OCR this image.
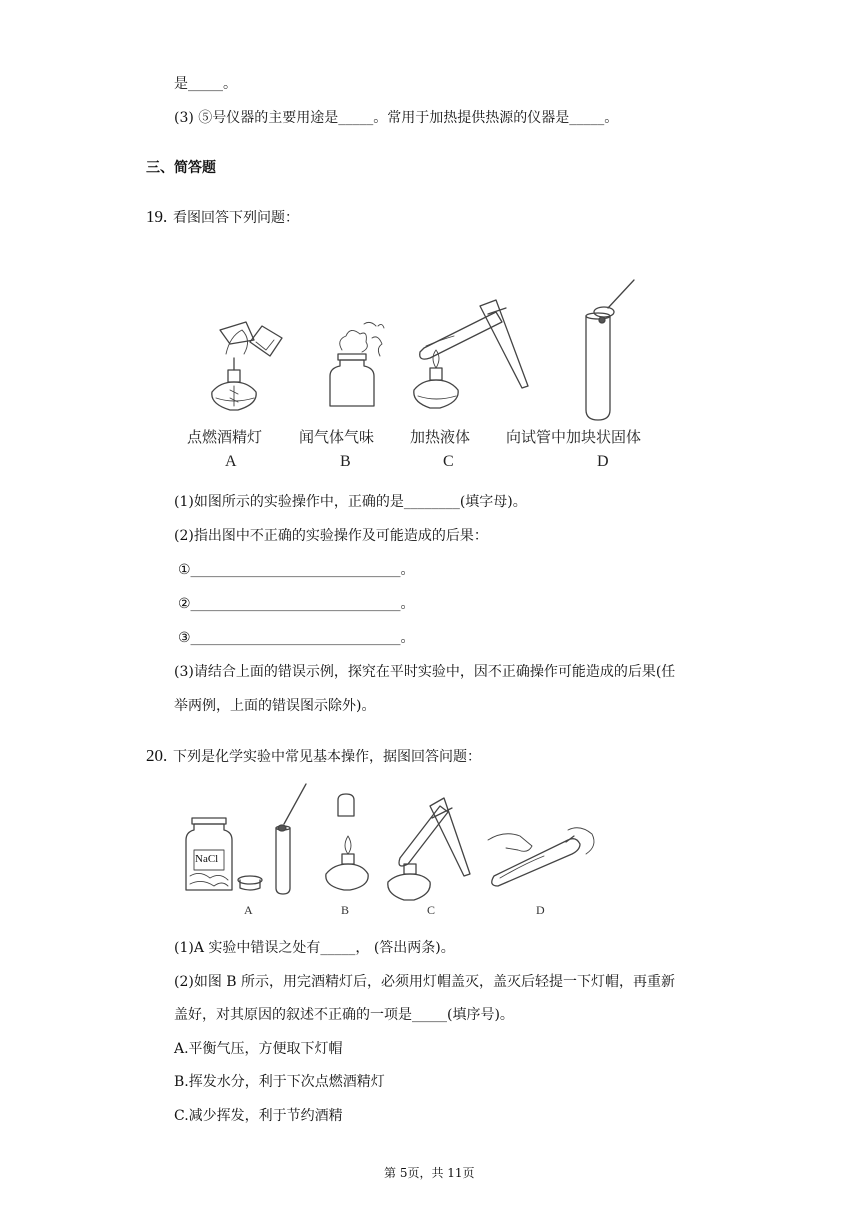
是_____。
(3) ⑤号仪器的主要用途是_____。常用于加热提供热源的仪器是_____。
三、简答题
19. 看图回答下列问题：
点燃酒精灯 闻气体气味 加热液体 向试管中加块状固体
A	B	C	D
(1)如图所示的实验操作中，正确的是________(填字母)。
(2)指出图中不正确的实验操作及可能造成的后果：
①______________________________。
②______________________________。
③______________________________。
(3)请结合上面的错误示例，探究在平时实验中，因不正确操作可能造成的后果(任
举两例，上面的错误图示除外)。
20. 下列是化学实验中常见基本操作，据图回答问题：
NaCl
A	B	C	D
(1)A 实验中错误之处有_____， (答出两条)。
(2)如图 B 所示，用完酒精灯后，必须用灯帽盖灭，盖灭后轻提一下灯帽，再重新
盖好，对其原因的叙述不正确的一项是_____(填序号)。
A.平衡气压，方便取下灯帽
B.挥发水分，利于下次点燃酒精灯
C.减少挥发，利于节约酒精
第 5页，共 11页
